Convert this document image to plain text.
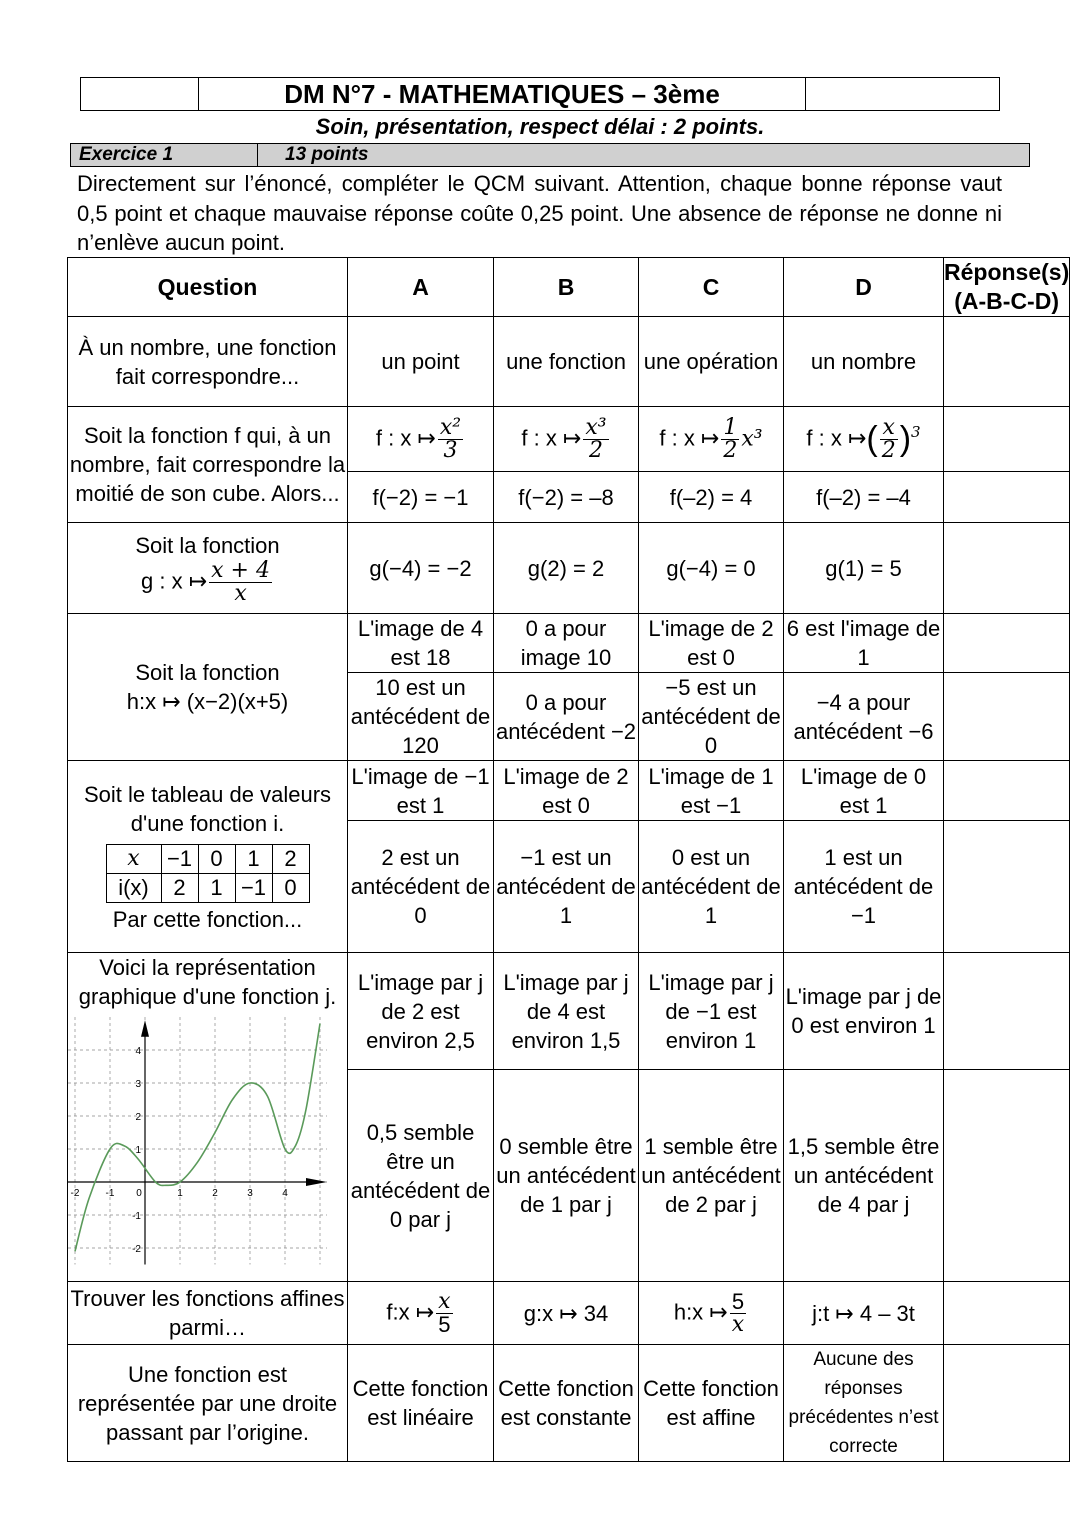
DM N°7 - MATHEMATIQUES – 3ème
Soin, présentation, respect délai : 2 points.
Exercice 1	13 points
Directement sur l’énoncé, compléter le QCM suivant. Attention, chaque bonne réponse vaut 0,5 point et chaque mauvaise réponse coûte 0,25 point. Une absence de réponse ne donne ni n’enlève aucun point.
Question	A	B	C	D	Réponse(s)
(A-B-C-D)
À un nombre, une fonction fait correspondre...	un point	une fonction	une opération	un nombre	
Soit la fonction f qui, à un nombre, fait correspondre la moitié de son cube. Alors...	f : x ↦ $\frac{\text{x²}}{3}$	f : x ↦ $\frac{\text{x³}}{2}$	f : x ↦ $\frac{1}{2} x^3$	f : x ↦( $\frac{x}{2} )^3$	
f(−2) = −1	f(−2) = –8	f(–2) = 4	f(–2) = –4	
Soit la fonction
g : x ↦ $\frac{x + 4}{x}$	g(−4) = −2	g(2) = 2	g(−4) = 0	g(1) = 5	
Soit la fonction
h:x ↦ (x−2)(x+5)	L'image de 4 est 18	0 a pour image 10	L'image de 2 est 0	6 est l'image de 1	
10 est un antécédent de 120	0 a pour antécédent −2	−5 est un antécédent de 0	−4 a pour antécédent −6	

Soit le tableau de valeurs d'une fonction i.
x	−1	0	1	2
i(x)	2	1	−1	0
Par cette fonction...
	L'image de −1 est 1	L'image de 2 est 0	L'image de 1 est −1	L'image de 0 est 1	
2 est un antécédent de 0	−1 est un antécédent de 1	0 est un antécédent de 1	1 est un antécédent de −1	

Voici la représentation graphique d'une fonction j.
-2	-1 0	1	2	3	4
4
3
2
1
-1
-2
	L'image par j de 2 est environ 2,5	L'image par j de 4 est environ 1,5	L'image par j de −1 est environ 1	L'image par j de 0 est environ 1	
0,5 semble être un antécédent de 0 par j	0 semble être un antécédent de 1 par j	1 semble être un antécédent de 2 par j	1,5 semble être un antécédent de 4 par j	
Trouver les fonctions affines parmi…	f:x ↦ $\frac{x}{5}$	g:x ↦ 34	h:x ↦ $\frac{5}{x}$	j:t ↦ 4 – 3t	
Une fonction est représentée par une droite passant par l’origine.	Cette fonction est linéaire	Cette fonction est constante	Cette fonction est affine	Aucune des réponses précédentes n’est correcte	
